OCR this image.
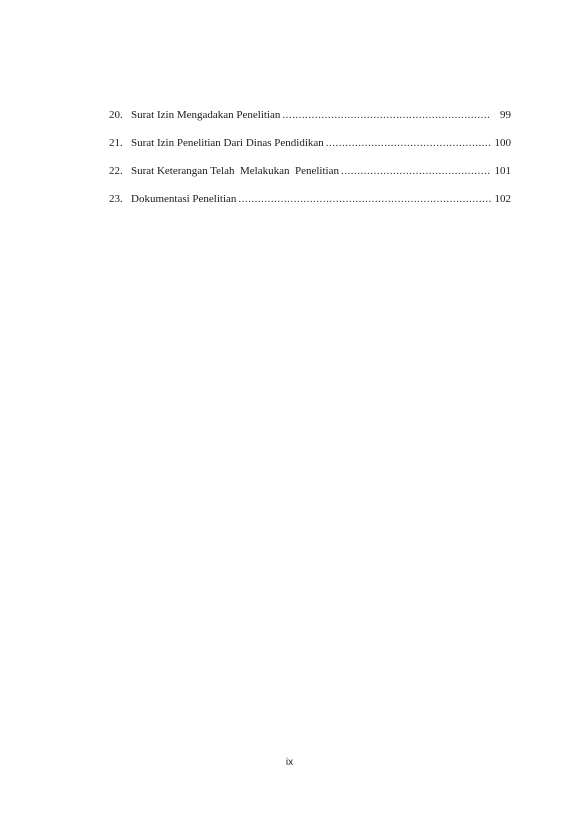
20. Surat Izin Mengadakan Penelitian .....	99
21. Surat Izin Penelitian Dari Dinas Pendidikan .....	100
22. Surat Keterangan Telah  Melakukan  Penelitian .....	101
23. Dokumentasi Penelitian .....	102
ix
